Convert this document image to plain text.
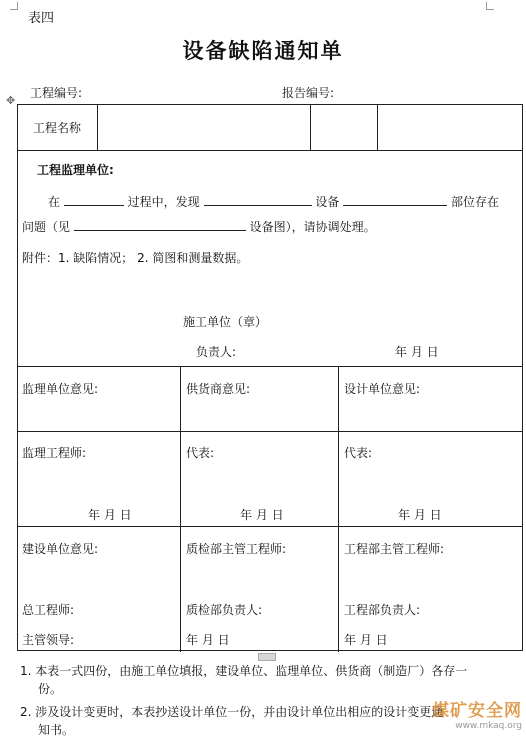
表四
设备缺陷通知单
工程编号:	报告编号:
✥
工程名称
工程监理单位:
在	过程中，发现	设备	部位存在
问题（见	设备图），请协调处理。
附件：1. 缺陷情况； 2. 简图和测量数据。
施工单位（章）
负责人:	年 月 日
监理单位意见:	供货商意见:	设计单位意见:
监理工程师:	代表:	代表:
年 月 日	年 月 日	年 月 日
建设单位意见:	质检部主管工程师:	工程部主管工程师:
总工程师:	质检部负责人:	工程部负责人:
主管领导:	年 月 日	年 月 日
1. 本表一式四份，由施工单位填报，建设单位、监理单位、供货商（制造厂）各存一
份。
2. 涉及设计变更时，本表抄送设计单位一份，并由设计单位出相应的设计变更通
知书。
煤矿安全网
www.mkaq.org
